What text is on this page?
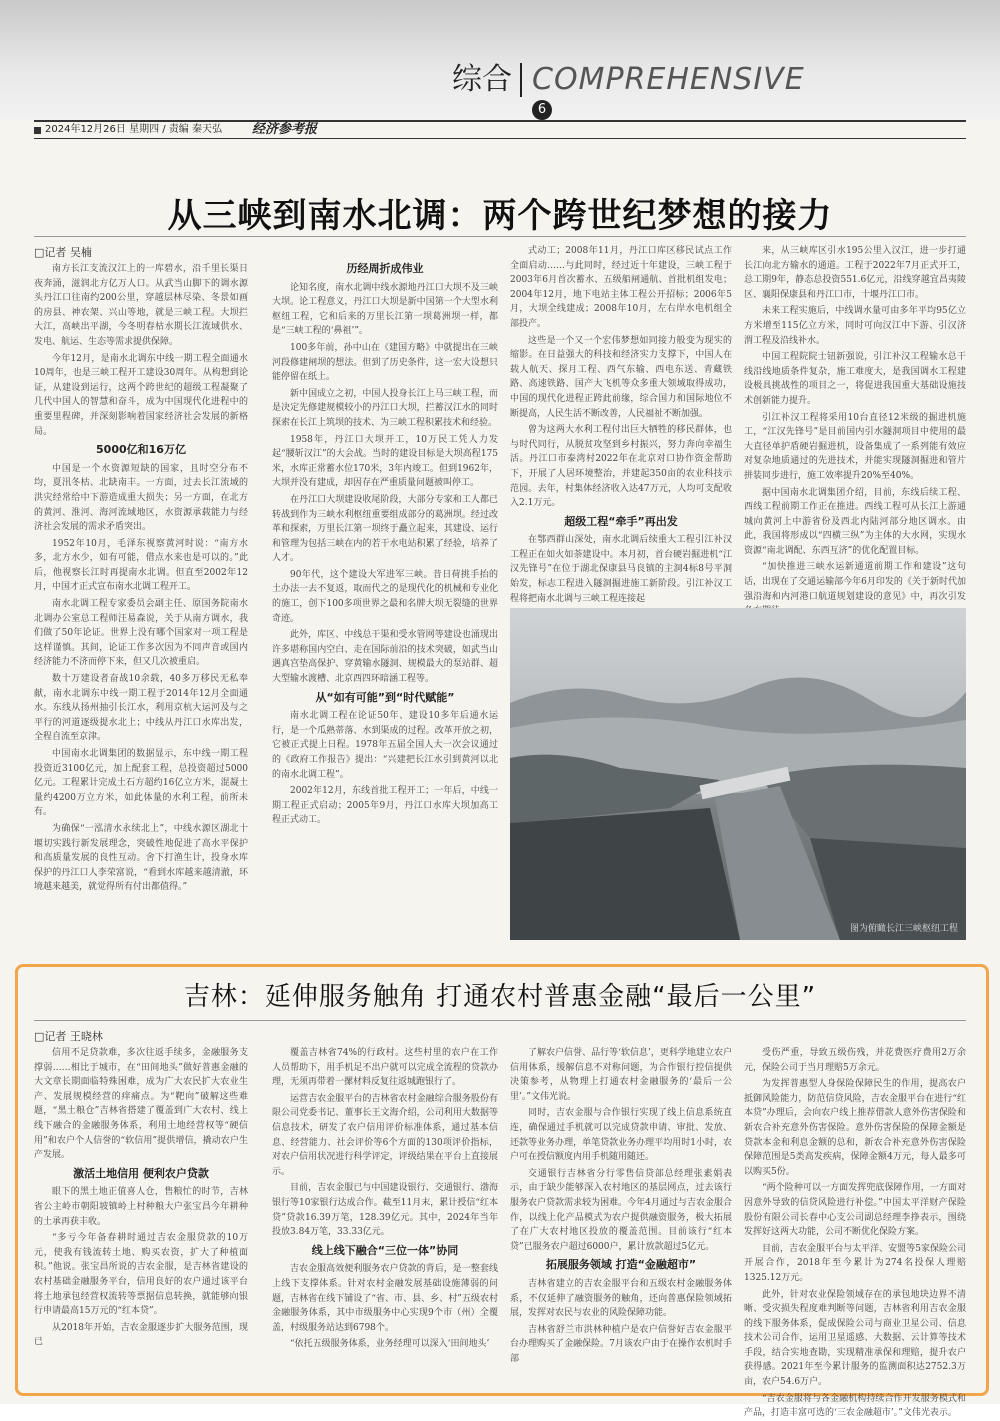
综合 COMPREHENSIVE
6
2024年12月26日 星期四 / 责编 秦天弘 经济参考报
从三峡到南水北调：两个跨世纪梦想的接力
□记者 吴楠

南方长江支流汉江上的一库碧水，沿千里长渠日夜奔涌，滋润北方亿万人口。从武当山脚下的调水源头丹江口往南约200公里，穿越层林尽染、冬景如画的房县、神农架、兴山等地，就是三峡工程。大坝拦大江，高峡出平湖，今冬明春枯水期长江流域供水、发电、航运、生态等需求提供保障。

今年12月，是南水北调东中线一期工程全面通水10周年，也是三峡工程开工建设30周年。从构想到论证，从建设到运行，这两个跨世纪的超级工程凝聚了几代中国人的智慧和奋斗，成为中国现代化进程中的重要里程碑，并深刻影响着国家经济社会发展的新格局。

5000亿和16万亿

中国是一个水资源短缺的国家，且时空分布不均，夏汛冬枯、北缺南丰。一方面，过去长江流域的洪灾经常给中下游造成重大损失；另一方面，在北方的黄河、淮河、海河流域地区，水资源承载能力与经济社会发展的需求矛盾突出。

1952年10月，毛泽东视察黄河时说：“南方水多，北方水少，如有可能，借点水来也是可以的。”此后，他视察长江时再提南水北调。但直至2002年12月，中国才正式宣布南水北调工程开工。

南水北调工程专家委员会副主任、原国务院南水北调办公室总工程师汪易森说，关于从南方调水，我们做了50年论证。世界上没有哪个国家对一项工程是这样谨慎。其间，论证工作多次因为不同声音或国内经济能力不济而停下来，但又几次被重启。

数十万建设者奋战10余载，40多万移民无私奉献，南水北调东中线一期工程于2014年12月全面通水。东线从扬州抽引长江水，利用京杭大运河及与之平行的河道逐级提水北上；中线从丹江口水库出发，全程自流至京津。

中国南水北调集团的数据显示，东中线一期工程投资近3100亿元，加上配套工程，总投资超过5000亿元。工程累计完成土石方超约16亿立方米，混凝土量约4200万立方米，如此体量的水利工程，前所未有。

为确保“一泓清水永续北上”，中线水源区湖北十堰切实践行新发展理念，突破性地促进了高水平保护和高质量发展的良性互动。舍下打渔生计，投身水库保护的丹江口人李荣富说，“看到水库越来越清澈，环境越来越美，就觉得所有付出都值得。”

历经周折成伟业

论知名度，南水北调中线水源地丹江口大坝不及三峡大坝。论工程意义，丹江口大坝是新中国第一个大型水利枢纽工程，它和后来的万里长江第一坝葛洲坝一样，都是“三峡工程的‘鼻祖’”。

100多年前，孙中山在《建国方略》中就提出在三峡河段修建闸坝的想法。但到了历史条件，这一宏大设想只能停留在纸上。

新中国成立之初，中国人投身长江上马三峡工程，而是决定先修建规模较小的丹江口大坝，拦蓄汉江水的同时探索在长江上筑坝的技术、为三峡工程积累技术和经验。

1958年，丹江口大坝开工，10万民工凭人力发起“腰斩汉江”的大会战。当时的建设目标是大坝高程175米，水库正常蓄水位170米，3年内竣工。但到1962年，大坝并没有建成，却因存在严重质量问题被叫停工。

在丹江口大坝建设收尾阶段，大部分专家和工人都已转战到作为三峡水利枢纽重要组成部分的葛洲坝。经过改革和探索，万里长江第一坝终于矗立起来，其建设、运行和管理为包括三峡在内的若干水电站积累了经验，培养了人才。

90年代，这个建设大军进军三峡。昔日荷挑手抬的土办法一去不复返，取而代之的是现代化的机械和专业化的施工，创下100多项世界之最和名牌大坝无裂缝的世界奇迹。

此外，库区、中线总干渠和受水管网等建设也涌现出许多堪称国内空白、走在国际前沿的技术突破，如武当山遇真宫垫高保护、穿黄输水隧洞、规模最大的泵站群、超大型输水渡槽、北京西四环暗涵工程等。

从“如有可能”到“时代赋能”

南水北调工程在论证50年、建设10多年后通水运行，是一个瓜熟蒂落、水到渠成的过程。改革开放之初，它被正式提上日程。1978年五届全国人大一次会议通过的《政府工作报告》提出：“兴建把长江水引到黄河以北的南水北调工程”。

2002年12月，东线首批工程开工；一年后，中线一期工程正式启动；2005年9月，丹江口水库大坝加高工程正式动工。

式动工；2008年11月，丹江口库区移民试点工作全面启动……与此同时，经过近十年建设，三峡工程于2003年6月首次蓄水、五级船闸通航、首批机组发电；2004年12月，地下电站主体工程公开招标；2006年5月，大坝全线建成；2008年10月，左右岸水电机组全部投产。

这些是一个又一个宏伟梦想如同接力般变为现实的缩影。在日益强大的科技和经济实力支撑下，中国人在载人航天、探月工程、西气东输、西电东送、青藏铁路、高速铁路、国产大飞机等众多重大领域取得成功，中国的现代化进程正跨此前缘，综合国力和国际地位不断提高，人民生活不断改善，人民福祉不断加强。

曾为这两大水利工程付出巨大牺牲的移民群体，也与时代同行，从脱贫攻坚到乡村振兴，努力奔向幸福生活。丹江口市泰湾村2022年在北京对口协作资金帮助下，开展了人居环境整治，并建起350亩的农业科技示范园。去年，村集体经济收入达47万元，人均可支配收入2.1万元。

超级工程“牵手”再出发

在鄂西群山深处，南水北调后续重大工程引江补汉工程正在如火如荼建设中。本月初，首台硬岩掘进机“江汉先锋号”在位于湖北保康县马良镇的主洞4标8号平洞始发，标志工程进入隧洞掘进施工新阶段。引江补汉工程将把南水北调与三峡工程连接起

来，从三峡库区引水195公里入汉江，进一步打通长江向北方输水的通道。工程于2022年7月正式开工，总工期9年，静态总投资551.6亿元，沿线穿越宜昌夷陵区、襄阳保康县和丹江口市，十堰丹江口市。

未来工程实施后，中线调水量可由多年平均95亿立方米增至115亿立方米，同时可向汉江中下游、引汉济渭工程及沿线补水。

中国工程院院士钮新强说，引江补汉工程输水总干线沿线地质条件复杂，施工难度大，是我国调水工程建设极具挑战性的项目之一，将促进我国重大基础设施技术创新能力提升。

引江补汉工程将采用10台直径12米级的掘进机施工，“江汉先锋号”是目前国内引水隧洞项目中使用的最大直径单护盾硬岩掘进机，设备集成了一系列能有效应对复杂地质通过的先进技术，并能实现隧洞掘进和管片拼装同步进行，施工效率提升20%至40%。

据中国南水北调集团介绍，目前，东线后续工程、西线工程前期工作正在推进。西线工程可从长江上游通城向黄河上中游省份及西北内陆河部分地区调水。由此，我国将形成以“四横三纵”为主体的大水网，实现水资源“南北调配、东西互济”的优化配置目标。

“加快推进三峡水运新通道前期工作和建设”这句话，出现在了交通运输部今年6月印发的《关于新时代加强沿海和内河港口航道规划建设的意见》中，再次引发

图为俯瞰长江三峡枢纽工程
吉林：延伸服务触角 打通农村普惠金融“最后一公里”
□记者 王晓林

信用不足贷款难，多次往返手续多，金融服务支撑弱……相比于城市，在“田间地头”做好普惠金融的大文章长期面临特殊困难，成为广大农民扩大农业生产、发展规模经营的痒痛点。为“靶向”破解这些难题，“黑土粮仓”吉林省搭建了覆盖到广大农村、线上线下融合的金融服务体系，利用土地经营权等“硬信用”和农户个人信誉的“软信用”提供增信，撬动农户生产发展。

激活土地信用 便利农户贷款

眼下的黑土地正值喜人仓，售粮忙的时节，吉林省公主岭市朝阳坡镇岭上村种粮大户张宝昌今年耕种的土承再获丰收。

“多亏今年备春耕时通过吉农金服贷款的10万元，使我有钱流转土地、购买农资，扩大了种植面积。”他说。张宝昌所说的吉农金服，是吉林省建设的农村基础金融服务平台，信用良好的农户通过该平台将土地承包经营权流转等票据信息转换，就能够向银行申请最高15万元的“红本贷”。

从2018年开始，吉农金服逐步扩大服务范围，现已

覆盖吉林省74%的行政村。这些村里的农户在工作人员帮助下，用手机足不出户就可以完成全流程的贷款办理，无须再带着一摞材料反复往返城跑银行了。

运营吉农金服平台的吉林省农村金融综合服务股份有限公司党委书记、董事长王文海介绍，公司利用大数据等信息技术，研发了农户信用评价标准体系，通过基本信息、经营能力、社会评价等6个方面的130项评价指标，对农户信用状况进行科学评定，评级结果在平台上直接展示。

目前，吉农金服已与中国建设银行、交通银行、渤海银行等10家银行达成合作。截至11月末，累计授信“红本贷”贷款16.39万笔，128.39亿元。其中，2024年当年投放3.84万笔，33.33亿元。

线上线下融合“三位一体”协同

吉农金服高效便利服务农户贷款的背后，是一整套线上线下支撑体系。针对农村金融发展基础设施薄弱的问题，吉林省在线下铺设了“省、市、县、乡、村”五级农村金融服务体系，其中市级服务中心实现9个市（州）全覆盖，村级服务站达到6798个。

“依托五级服务体系，业务经理可以深入‘田间地头’

了解农户信誉、品行等‘软信息’，更科学地建立农户信用体系，缓解信息不对称问题，为合作银行控信提供决策参考，从物理上打通农村金融服务的‘最后一公里’。”文伟光说。

同时，吉农金服与合作银行实现了线上信息系统直连，确保通过手机就可以完成贷款申请、审批、发放、还款等业务办理，单笔贷款业务办理平均用时1小时，农户可在授信额度内用手机随用随还。

交通银行吉林省分行零售信贷部总经理张素娟表示，由于缺少能够深入农村地区的基层网点，过去该行服务农户贷款需求较为困难。今年4月通过与吉农金服合作，以线上化产品模式为农户提供融资服务，极大拓展了在广大农村地区投放的覆盖范围。目前该行“红本贷”已服务农户超过6000户，累计放款超过5亿元。

拓展服务领域 打造“金融超市”

吉林省建立的吉农金服平台和五级农村金融服务体系，不仅延伸了融资服务的触角，还向普惠保险领域拓展，发挥对农民与农业的风险保障功能。

吉林省舒兰市洪林种植户是农户信誉好吉农金服平台办理购买了金融保险。7月该农户由于在操作农机时手部

受伤严重，导致五级伤残，并花费医疗费用2万余元，保险公司于当月理赔5万余元。

为发挥普惠型人身保险保障民生的作用，提高农户抵御风险能力，防范信贷风险，吉农金服平台在进行“红本贷”办理后，会向农户线上推荐借款人意外伤害保险和新农合补充意外伤害保险。意外伤害保险的保障金额是贷款本金和利息金额的总和，新农合补充意外伤害保险保障范围是5类高发疾病，保障金额4万元，每人最多可以购买5份。

“两个险种可以一方面发挥兜底保障作用，一方面对因意外导致的信贷风险进行补偿。”中国太平洋财产保险股份有限公司长春中心支公司副总经理李挣表示，围绕发挥好这两大功能，公司不断优化保险方案。

目前，吉农金服平台与太平洋、安盟等5家保险公司开展合作，2018年至今累计为274名投保人理赔1325.12万元。

此外，针对农业保险领域存在的承包地块边界不清晰、受灾损失程度难判断等问题，吉林省利用吉农金服的线下服务体系，促成保险公司与商业卫星公司、信息技术公司合作，运用卫星遥感、大数据、云计算等技术手段，结合实地查勘，实现精准承保和理赔，提升农户获得感。2021年至今累计服务的监测面积达2752.3万亩，农户54.6万户。

“吉农金服将与各金融机构持续合作开发服务模式和产品，打造丰富可选的‘三农金融超市’。”文伟光表示。
